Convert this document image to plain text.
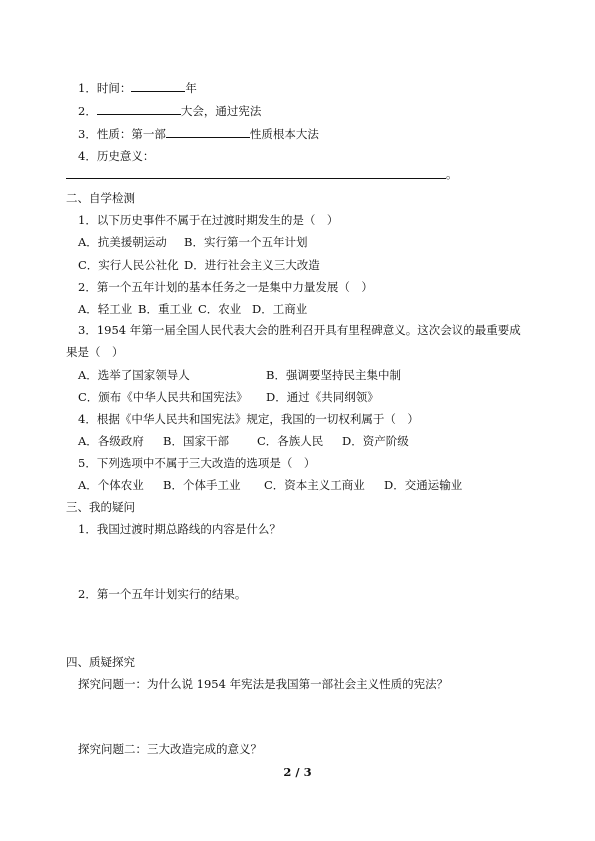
1．时间：	年
2．	大会，通过宪法
3．性质：第一部	性质根本大法
4．历史意义：
。
二、自学检测
1．以下历史事件不属于在过渡时期发生的是（　）
A．抗美援朝运动 B．实行第一个五年计划
C．实行人民公社化 D．进行社会主义三大改造
2．第一个五年计划的基本任务之一是集中力量发展（　）
A．轻工业 B．重工业 C．农业 D．工商业
3．1954 年第一届全国人民代表大会的胜利召开具有里程碑意义。这次会议的最重要成
果是（　）
A．选举了国家领导人	B．强调要坚持民主集中制
C．颁布《中华人民共和国宪法》 D．通过《共同纲领》
4．根据《中华人民共和国宪法》规定，我国的一切权利属于（　）
A．各级政府 B．国家干部 C．各族人民 D．资产阶级
5．下列选项中不属于三大改造的选项是（　）
A．个体农业 B．个体手工业 C．资本主义工商业 D．交通运输业
三、我的疑问
1．我国过渡时期总路线的内容是什么？
2．第一个五年计划实行的结果。
四、质疑探究
探究问题一：为什么说 1954 年宪法是我国第一部社会主义性质的宪法？
探究问题二：三大改造完成的意义？
2 / 3
